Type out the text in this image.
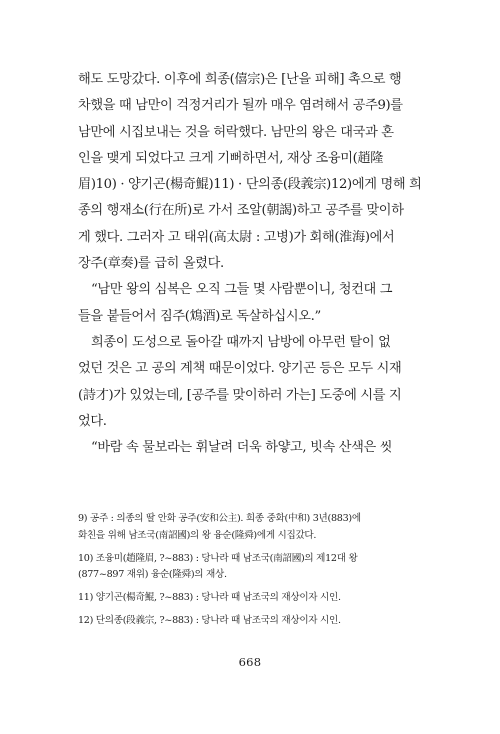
해도 도망갔다. 이후에 희종(僖宗)은 [난을 피해] 촉으로 행
차했을 때 남만이 걱정거리가 될까 매우 염려해서 공주9)를
남만에 시집보내는 것을 허락했다. 남만의 왕은 대국과 혼
인을 맺게 되었다고 크게 기뻐하면서, 재상 조융미(趙隆
眉)10) · 양기곤(楊奇鯤)11) · 단의종(段義宗)12)에게 명해 희
종의 행재소(行在所)로 가서 조알(朝謁)하고 공주를 맞이하
게 했다. 그러자 고 태위(高太尉 : 고병)가 회해(淮海)에서
장주(章奏)를 급히 올렸다.
“남만 왕의 심복은 오직 그들 몇 사람뿐이니, 청컨대 그
들을 붙들어서 짐주(鴆酒)로 독살하십시오.”
희종이 도성으로 돌아갈 때까지 남방에 아무런 탈이 없
었던 것은 고 공의 계책 때문이었다. 양기곤 등은 모두 시재
(詩才)가 있었는데, [공주를 맞이하러 가는] 도중에 시를 지
었다.
“바람 속 물보라는 휘날려 더욱 하얗고, 빗속 산색은 씻
9) 공주 : 의종의 딸 안화 공주(安和公主). 희종 중화(中和) 3년(883)에
화친을 위해 남조국(南詔國)의 왕 융순(隆舜)에게 시집갔다.
10) 조융미(趙隆眉, ?~883) : 당나라 때 남조국(南詔國)의 제12대 왕
(877~897 재위) 융순(隆舜)의 재상.
11) 양기곤(楊奇鯤, ?~883) : 당나라 때 남조국의 재상이자 시인.
12) 단의종(段義宗, ?~883) : 당나라 때 남조국의 재상이자 시인.
668
